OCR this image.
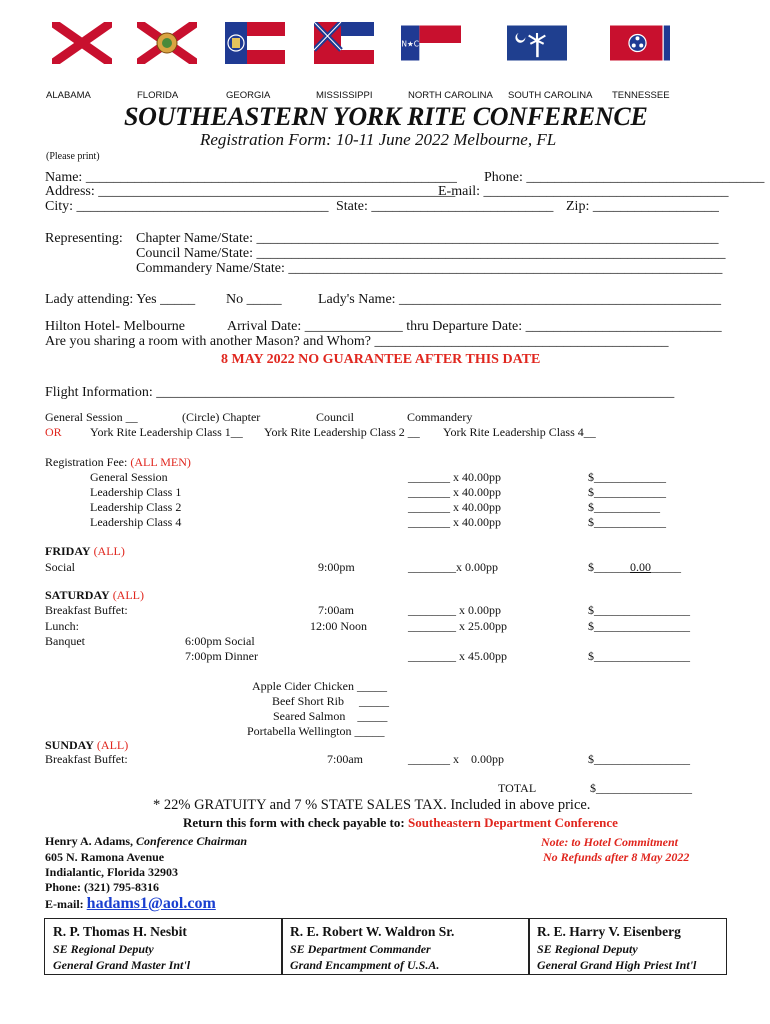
N★C
ALABAMA	FLORIDA	GEORGIA	MISSISSIPPI	NORTH CAROLINA SOUTH CAROLINA TENNESSEE
SOUTHEASTERN YORK RITE CONFERENCE
Registration Form: 10-11 June 2022 Melbourne, FL
(Please print)
Name: _____________________________________________________ Phone: __________________________________
Address: ___________________________________________________
E-mail: ___________________________________
City: ____________________________________ State: __________________________ Zip: __________________
Representing: Chapter Name/State: __________________________________________________________________
Council Name/State: ___________________________________________________________________
Commandery Name/State: ______________________________________________________________
Lady attending: Yes _____ No _____	Lady's Name: ______________________________________________
Hilton Hotel- Melbourne	Arrival Date: ______________ thru Departure Date: ____________________________
Are you sharing a room with another Mason? and Whom? __________________________________________
8 MAY 2022 NO GUARANTEE AFTER THIS DATE
Flight Information: __________________________________________________________________________
General Session __	(Circle) Chapter	Council	Commandery
OR York Rite Leadership Class 1__ York Rite Leadership Class 2 __ York Rite Leadership Class 4__
Registration Fee: (ALL MEN)
General Session	_______ x 40.00pp	$____________
Leadership Class 1	_______ x 40.00pp	$____________
Leadership Class 2	_______ x 40.00pp	$___________
Leadership Class 4	_______ x 40.00pp	$____________
FRIDAY (ALL)
Social	9:00pm	________x 0.00pp	$______0.00_____
SATURDAY (ALL)
Breakfast Buffet:	7:00am	________ x 0.00pp	$________________
Lunch:	12:00 Noon	________ x 25.00pp	$________________
Banquet	6:00pm Social
7:00pm Dinner	________ x 45.00pp	$________________
Apple Cider Chicken _____
Beef Short Rib     _____
Seared Salmon    _____
Portabella Wellington _____
SUNDAY (ALL)
Breakfast Buffet:	7:00am	_______ x    0.00pp	$________________
TOTAL	$________________
* 22% GRATUITY and 7 % STATE SALES TAX. Included in above price.
Return this form with check payable to: Southeastern Department Conference
Henry A. Adams, Conference Chairman
605 N. Ramona Avenue
Indialantic, Florida 32903
Phone: (321) 795-8316
E-mail: hadams1@aol.com
Note: to Hotel Commitment
No Refunds after 8 May 2022
R. P. Thomas H. Nesbit
SE Regional Deputy
General Grand Master Int'l
R. E. Robert W. Waldron Sr.
SE Department Commander
Grand Encampment of U.S.A.
R. E. Harry V. Eisenberg
SE Regional Deputy
General Grand High Priest Int'l
